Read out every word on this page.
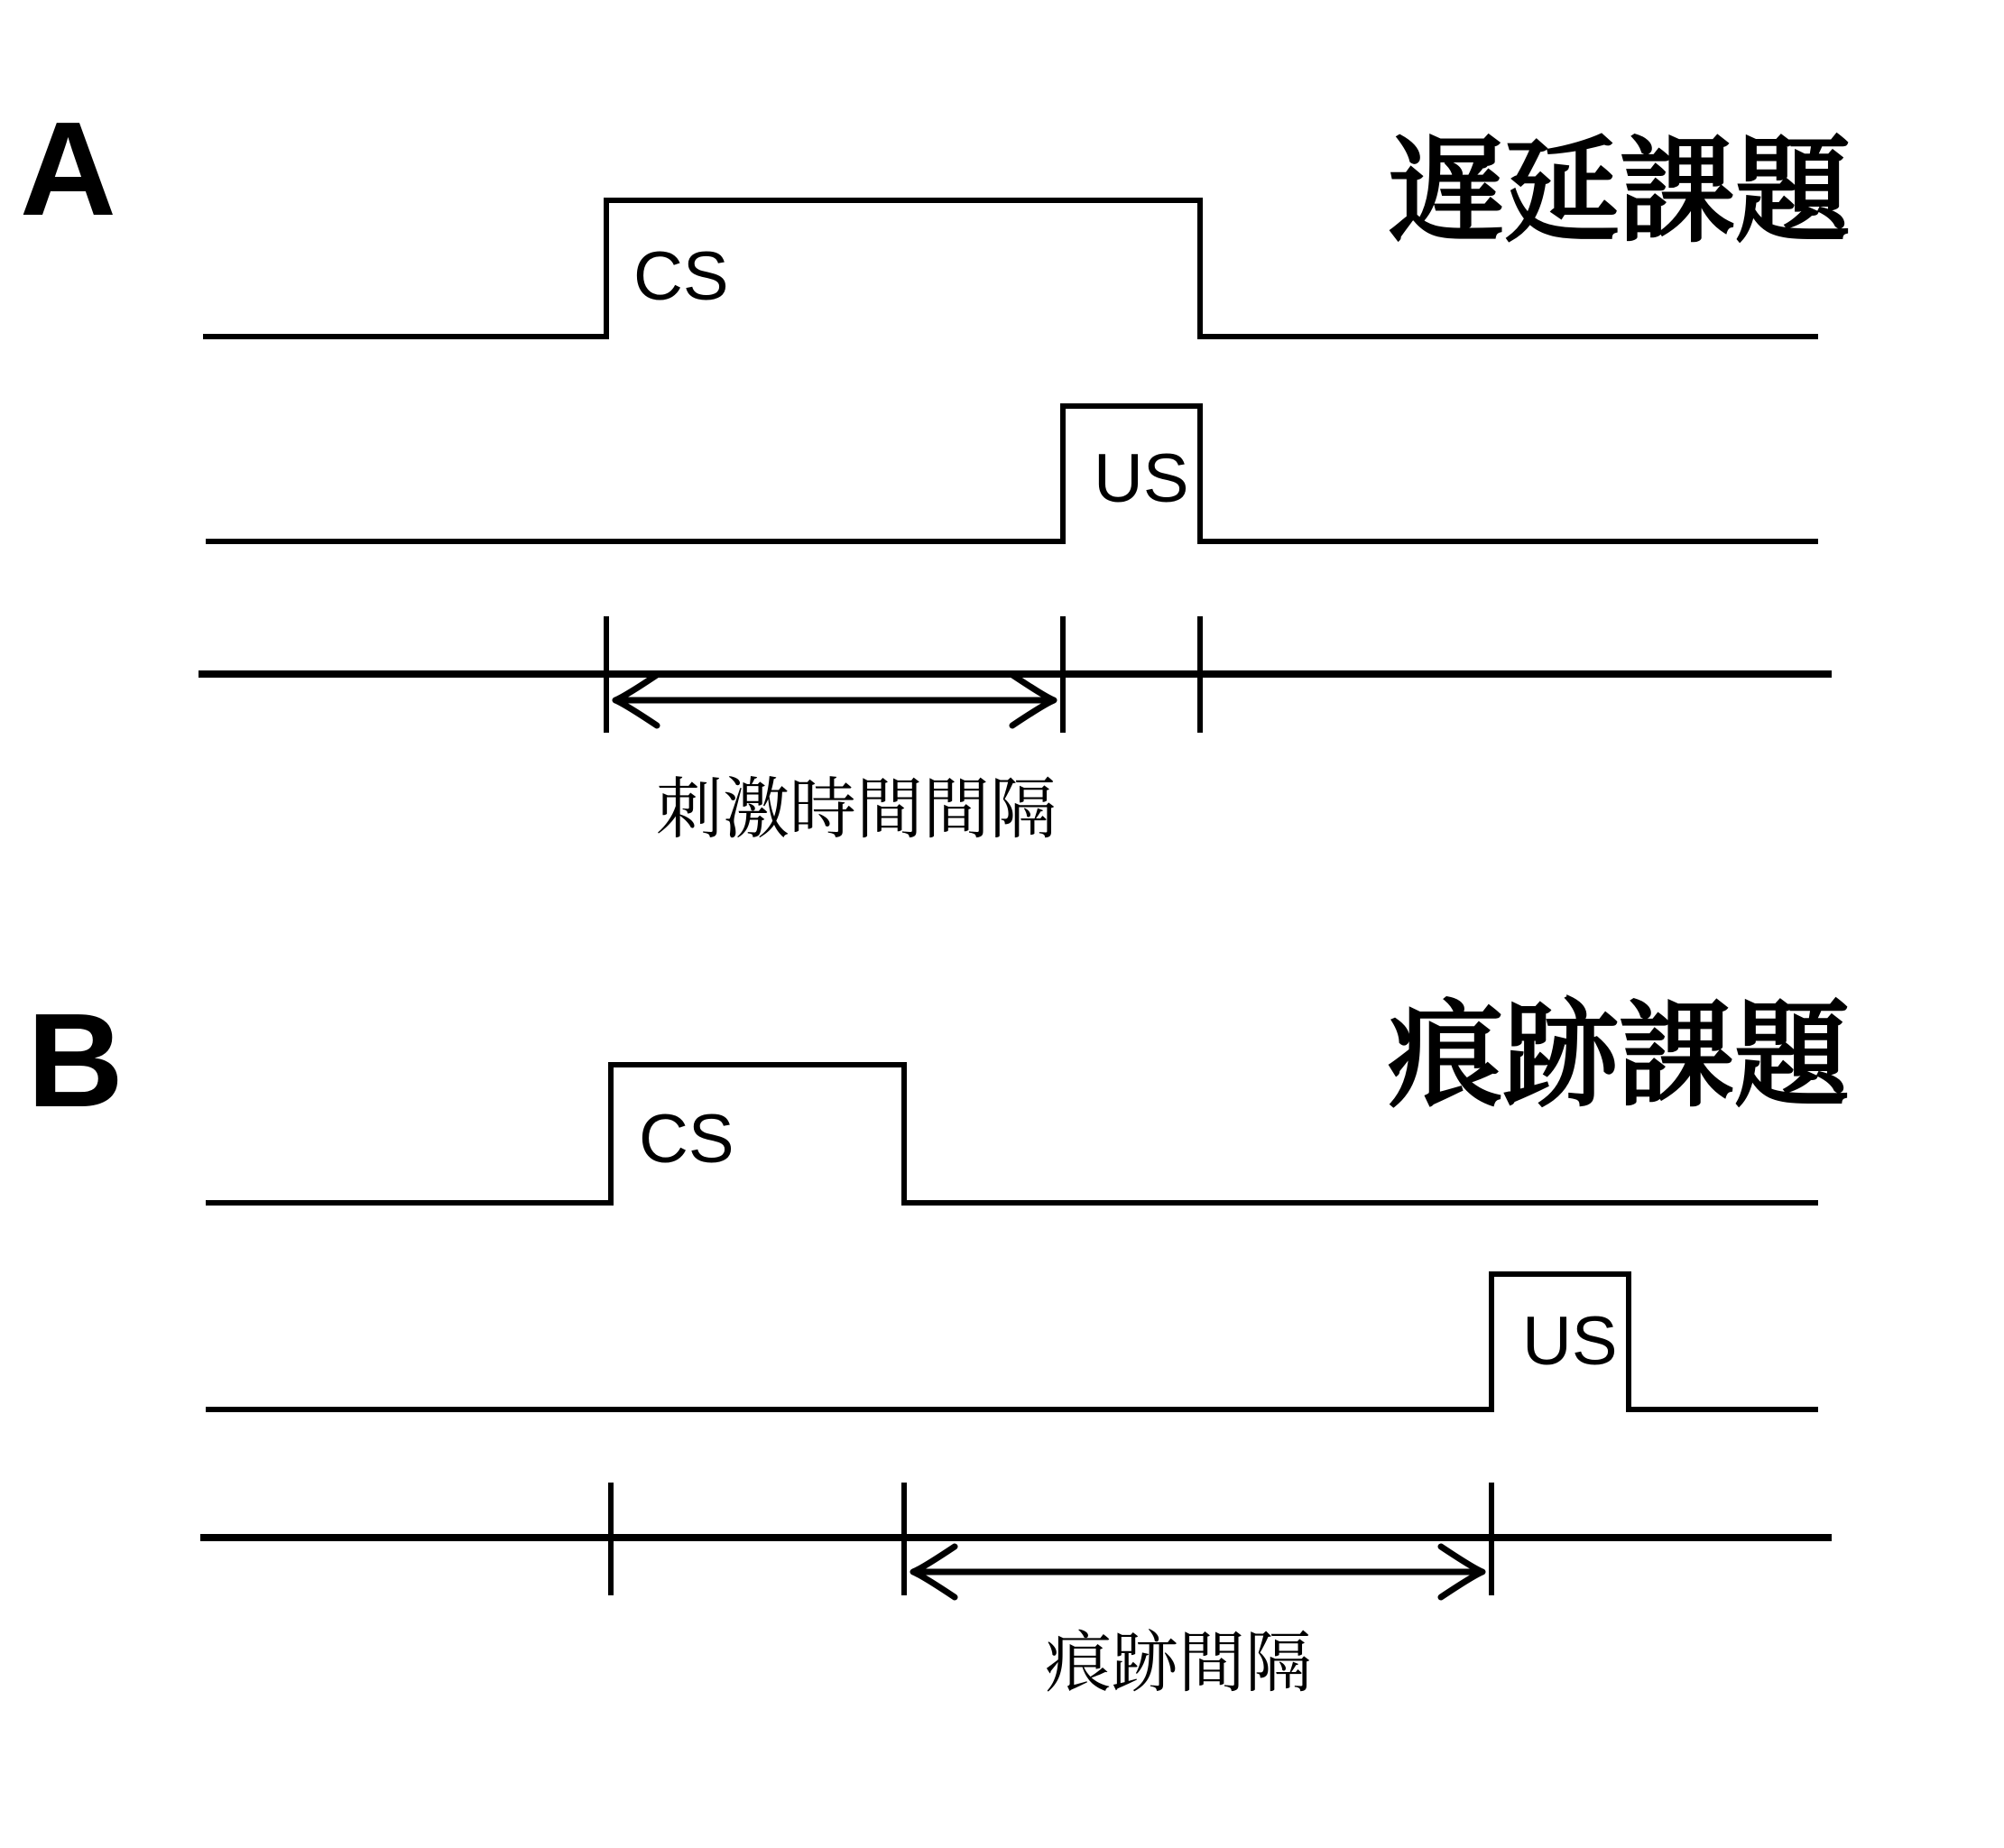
A	遅延課題
CS
US
刺激時間間隔
B	痕跡課題
CS
US
痕跡間隔
